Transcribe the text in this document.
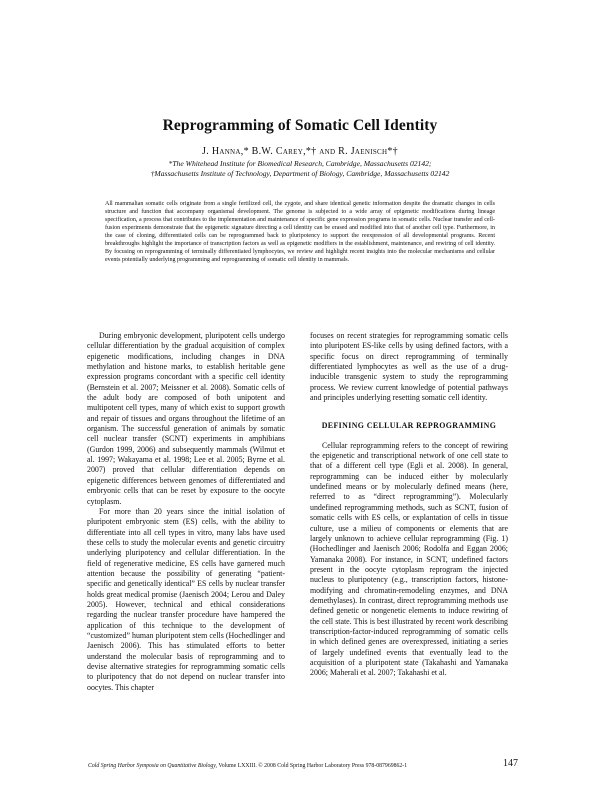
Reprogramming of Somatic Cell Identity
J. Hanna,* B.W. Carey,*† and R. Jaenisch*†
*The Whitehead Institute for Biomedical Research, Cambridge, Massachusetts 02142;
†Massachusetts Institute of Technology, Department of Biology, Cambridge, Massachusetts 02142
All mammalian somatic cells originate from a single fertilized cell, the zygote, and share identical genetic information despite the dramatic changes in cells structure and function that accompany organismal development. The genome is subjected to a wide array of epigenetic modifications during lineage specification, a process that contributes to the implementation and maintenance of specific gene expression programs in somatic cells. Nuclear transfer and cell-fusion experiments demonstrate that the epigenetic signature directing a cell identity can be erased and modified into that of another cell type. Furthermore, in the case of cloning, differentiated cells can be reprogrammed back to pluripotency to support the reexpression of all developmental programs. Recent breakthroughs highlight the importance of transcription factors as well as epigenetic modifiers in the establishment, maintenance, and rewiring of cell identity. By focusing on reprogramming of terminally differentiated lymphocytes, we review and highlight recent insights into the molecular mechanisms and cellular events potentially underlying programming and reprogramming of somatic cell identity in mammals.

During embryonic development, pluripotent cells undergo cellular differentiation by the gradual acquisition of complex epigenetic modifications, including changes in DNA methylation and histone marks, to establish heritable gene expression programs concordant with a specific cell identity (Bernstein et al. 2007; Meissner et al. 2008). Somatic cells of the adult body are composed of both unipotent and multipotent cell types, many of which exist to support growth and repair of tissues and organs throughout the lifetime of an organism. The successful generation of animals by somatic cell nuclear transfer (SCNT) experiments in amphibians (Gurdon 1999, 2006) and subsequently mammals (Wilmut et al. 1997; Wakayama et al. 1998; Lee et al. 2005; Byrne et al. 2007) proved that cellular differentiation depends on epigenetic differences between genomes of differentiated and embryonic cells that can be reset by exposure to the oocyte cytoplasm.

For more than 20 years since the initial isolation of pluripotent embryonic stem (ES) cells, with the ability to differentiate into all cell types in vitro, many labs have used these cells to study the molecular events and genetic circuitry underlying pluripotency and cellular differentiation. In the field of regenerative medicine, ES cells have garnered much attention because the possibility of generating “patient-specific and genetically identical” ES cells by nuclear transfer holds great medical promise (Jaenisch 2004; Lerou and Daley 2005). However, technical and ethical considerations regarding the nuclear transfer procedure have hampered the application of this technique to the development of “customized” human pluripotent stem cells (Hochedlinger and Jaenisch 2006). This has stimulated efforts to better understand the molecular basis of reprogramming and to devise alternative strategies for reprogramming somatic cells to pluripotency that do not depend on nuclear transfer into oocytes. This chapter

focuses on recent strategies for reprogramming somatic cells into pluripotent ES-like cells by using defined factors, with a specific focus on direct reprogramming of terminally differentiated lymphocytes as well as the use of a drug-inducible transgenic system to study the reprogramming process. We review current knowledge of potential pathways and principles underlying resetting somatic cell identity.

DEFINING CELLULAR REPROGRAMMING

Cellular reprogramming refers to the concept of rewiring the epigenetic and transcriptional network of one cell state to that of a different cell type (Egli et al. 2008). In general, reprogramming can be induced either by molecularly undefined means or by molecularly defined means (here, referred to as “direct reprogramming”). Molecularly undefined reprogramming methods, such as SCNT, fusion of somatic cells with ES cells, or explantation of cells in tissue culture, use a milieu of components or elements that are largely unknown to achieve cellular reprogramming (Fig. 1) (Hochedlinger and Jaenisch 2006; Rodolfa and Eggan 2006; Yamanaka 2008). For instance, in SCNT, undefined factors present in the oocyte cytoplasm reprogram the injected nucleus to pluripotency (e.g., transcription factors, histone-modifying and chromatin-remodeling enzymes, and DNA demethylases). In contrast, direct reprogramming methods use defined genetic or nongenetic elements to induce rewiring of the cell state. This is best illustrated by recent work describing transcription-factor-induced reprogramming of somatic cells in which defined genes are overexpressed, initiating a series of largely undefined events that eventually lead to the acquisition of a pluripotent state (Takahashi and Yamanaka 2006; Maherali et al. 2007; Takahashi et al.

Cold Spring Harbor Symposia on Quantitative Biology, Volume LXXIII. © 2008 Cold Spring Harbor Laboratory Press 978-087969862-1	147
